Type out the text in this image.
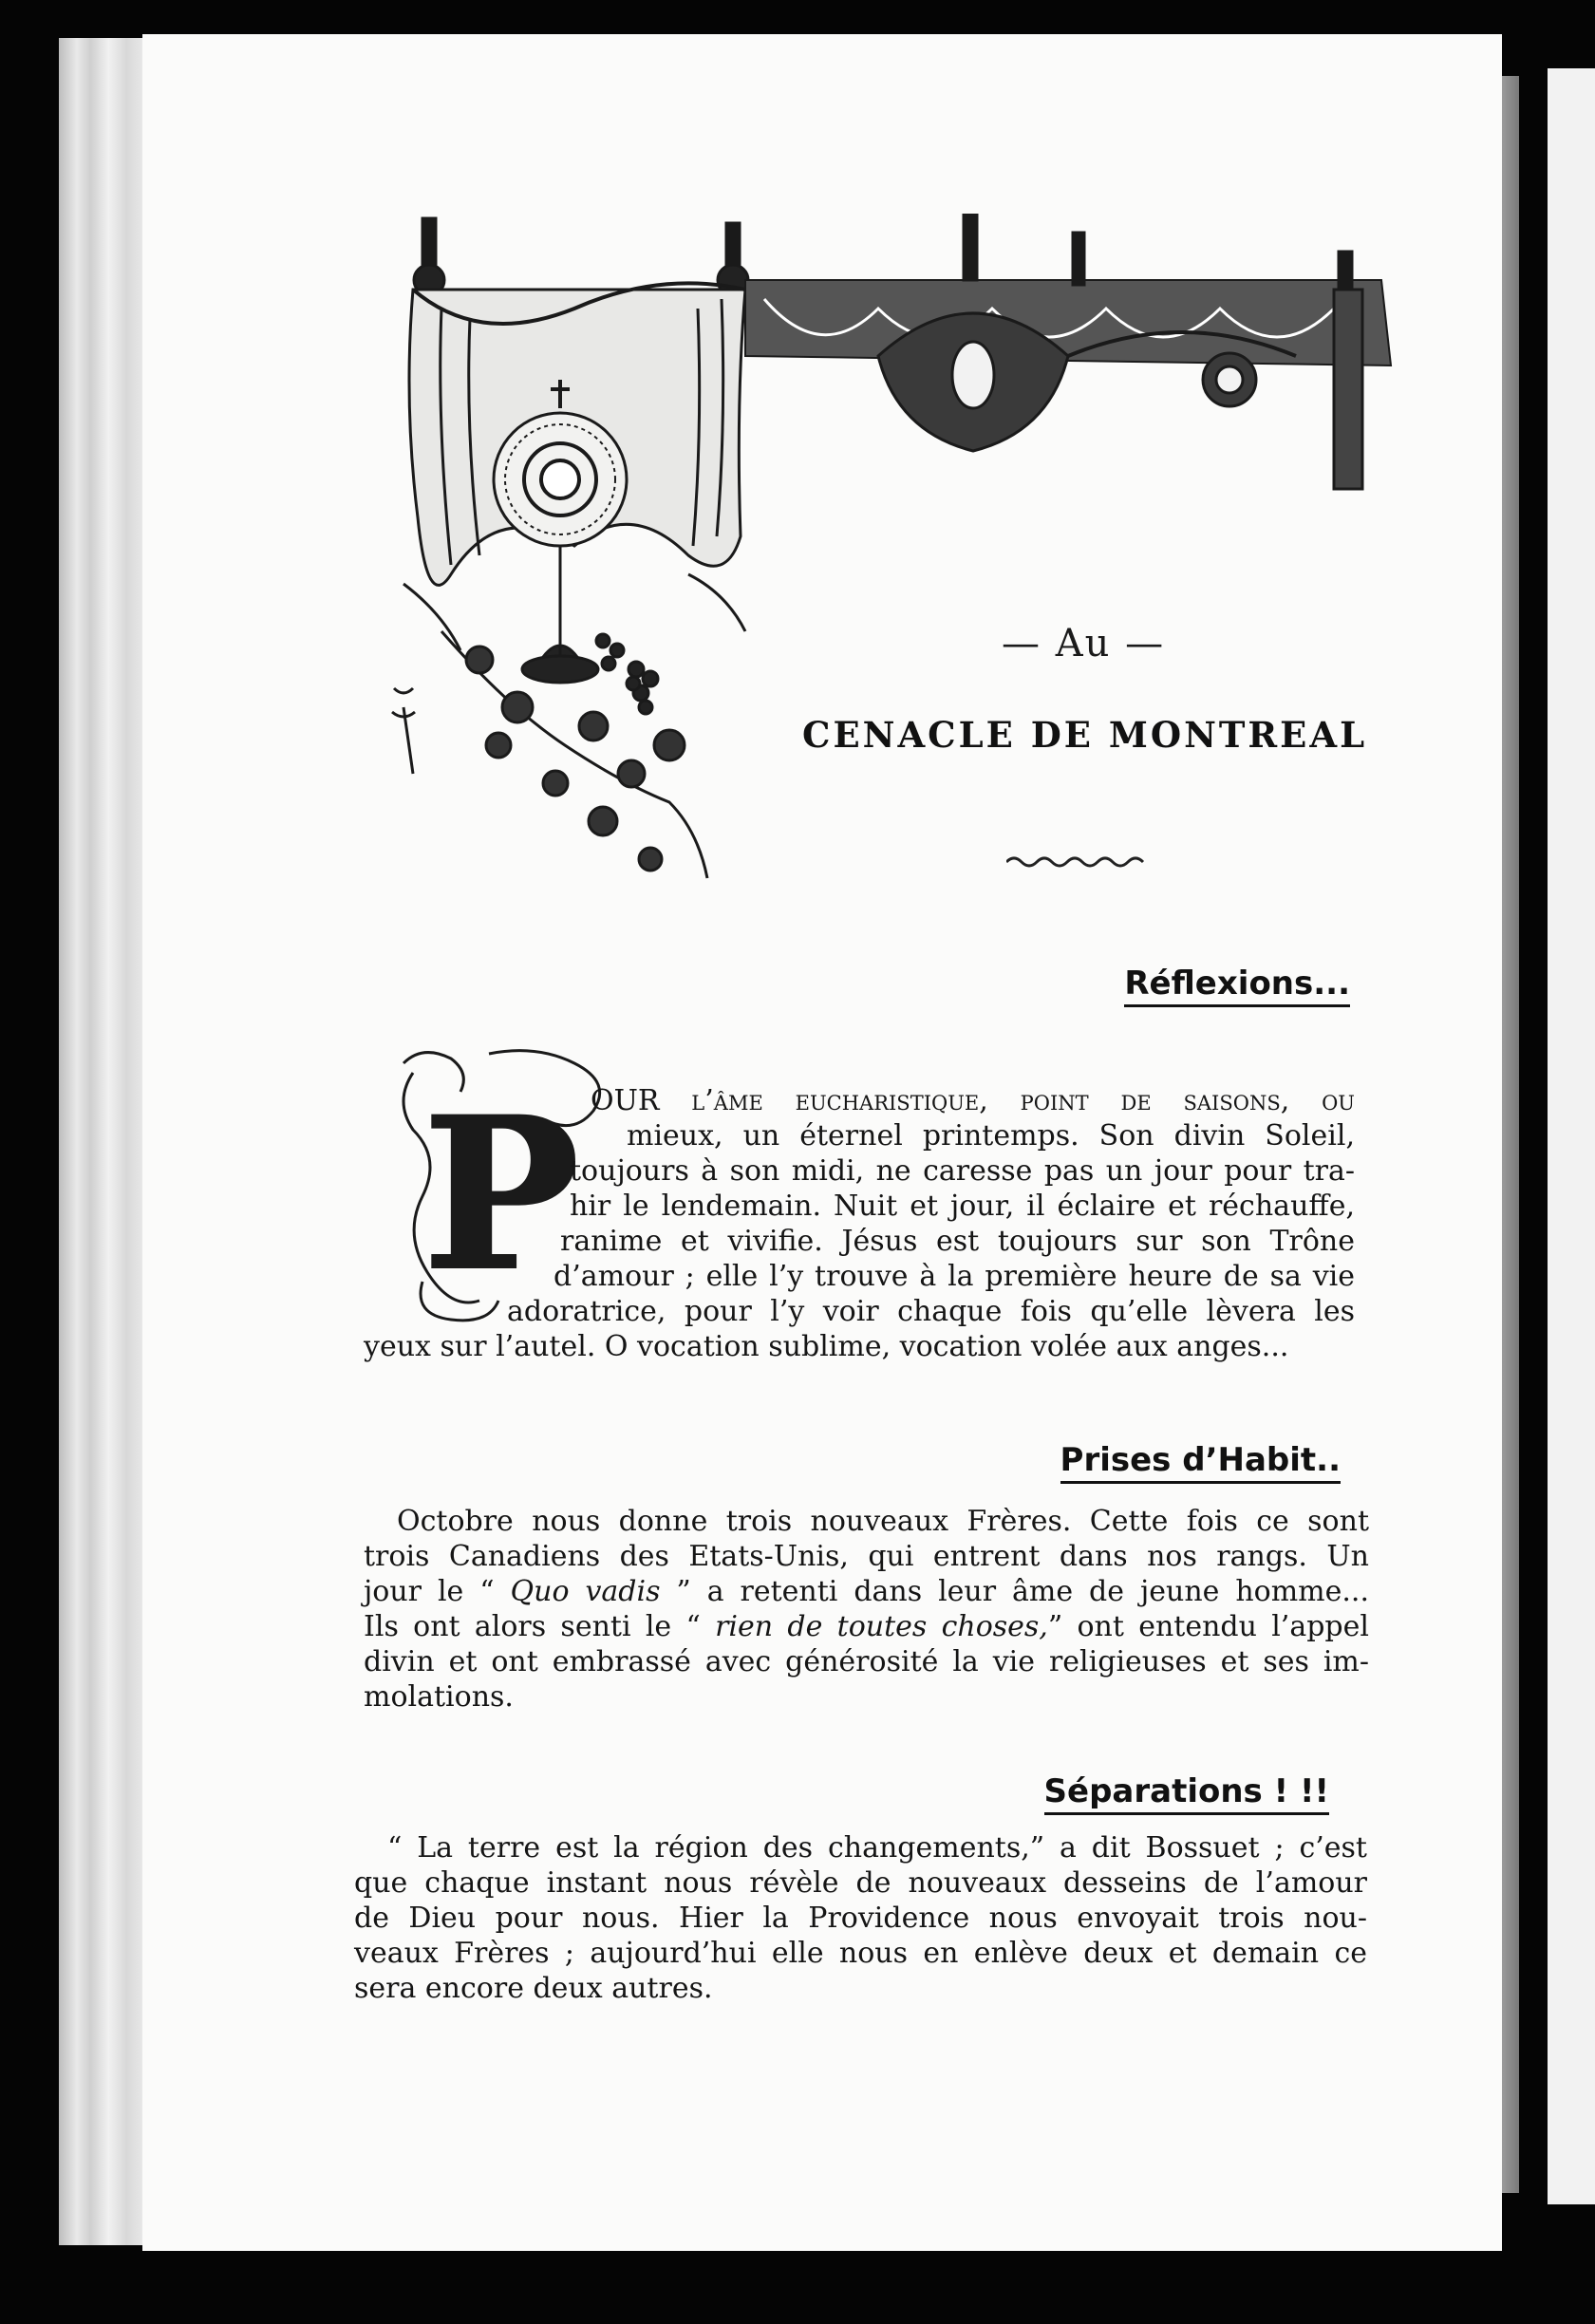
— Au —
CENACLE DE MONTREAL
Réflexions...
P OUR l’âme eucharistique, point de saisons, ou
mieux, un éternel printemps. Son divin Soleil,
toujours à son midi, ne caresse pas un jour pour tra-
hir le lendemain. Nuit et jour, il éclaire et réchauffe,
ranime et vivifie. Jésus est toujours sur son Trône
d’amour ; elle l’y trouve à la première heure de sa vie
adoratrice, pour l’y voir chaque fois qu’elle lèvera les
yeux sur l’autel. O vocation sublime, vocation volée aux anges...
Prises d’Habit..
Octobre nous donne trois nouveaux Frères. Cette fois ce sont
trois Canadiens des Etats-Unis, qui entrent dans nos rangs. Un
jour le “ Quo vadis ” a retenti dans leur âme de jeune homme...
Ils ont alors senti le “ rien de toutes choses,” ont entendu l’appel
divin et ont embrassé avec générosité la vie religieuses et ses im-
molations.
Séparations ! !!
“ La terre est la région des changements,” a dit Bossuet ; c’est
que chaque instant nous révèle de nouveaux desseins de l’amour
de Dieu pour nous. Hier la Providence nous envoyait trois nou-
veaux Frères ; aujourd’hui elle nous en enlève deux et demain ce
sera encore deux autres.
